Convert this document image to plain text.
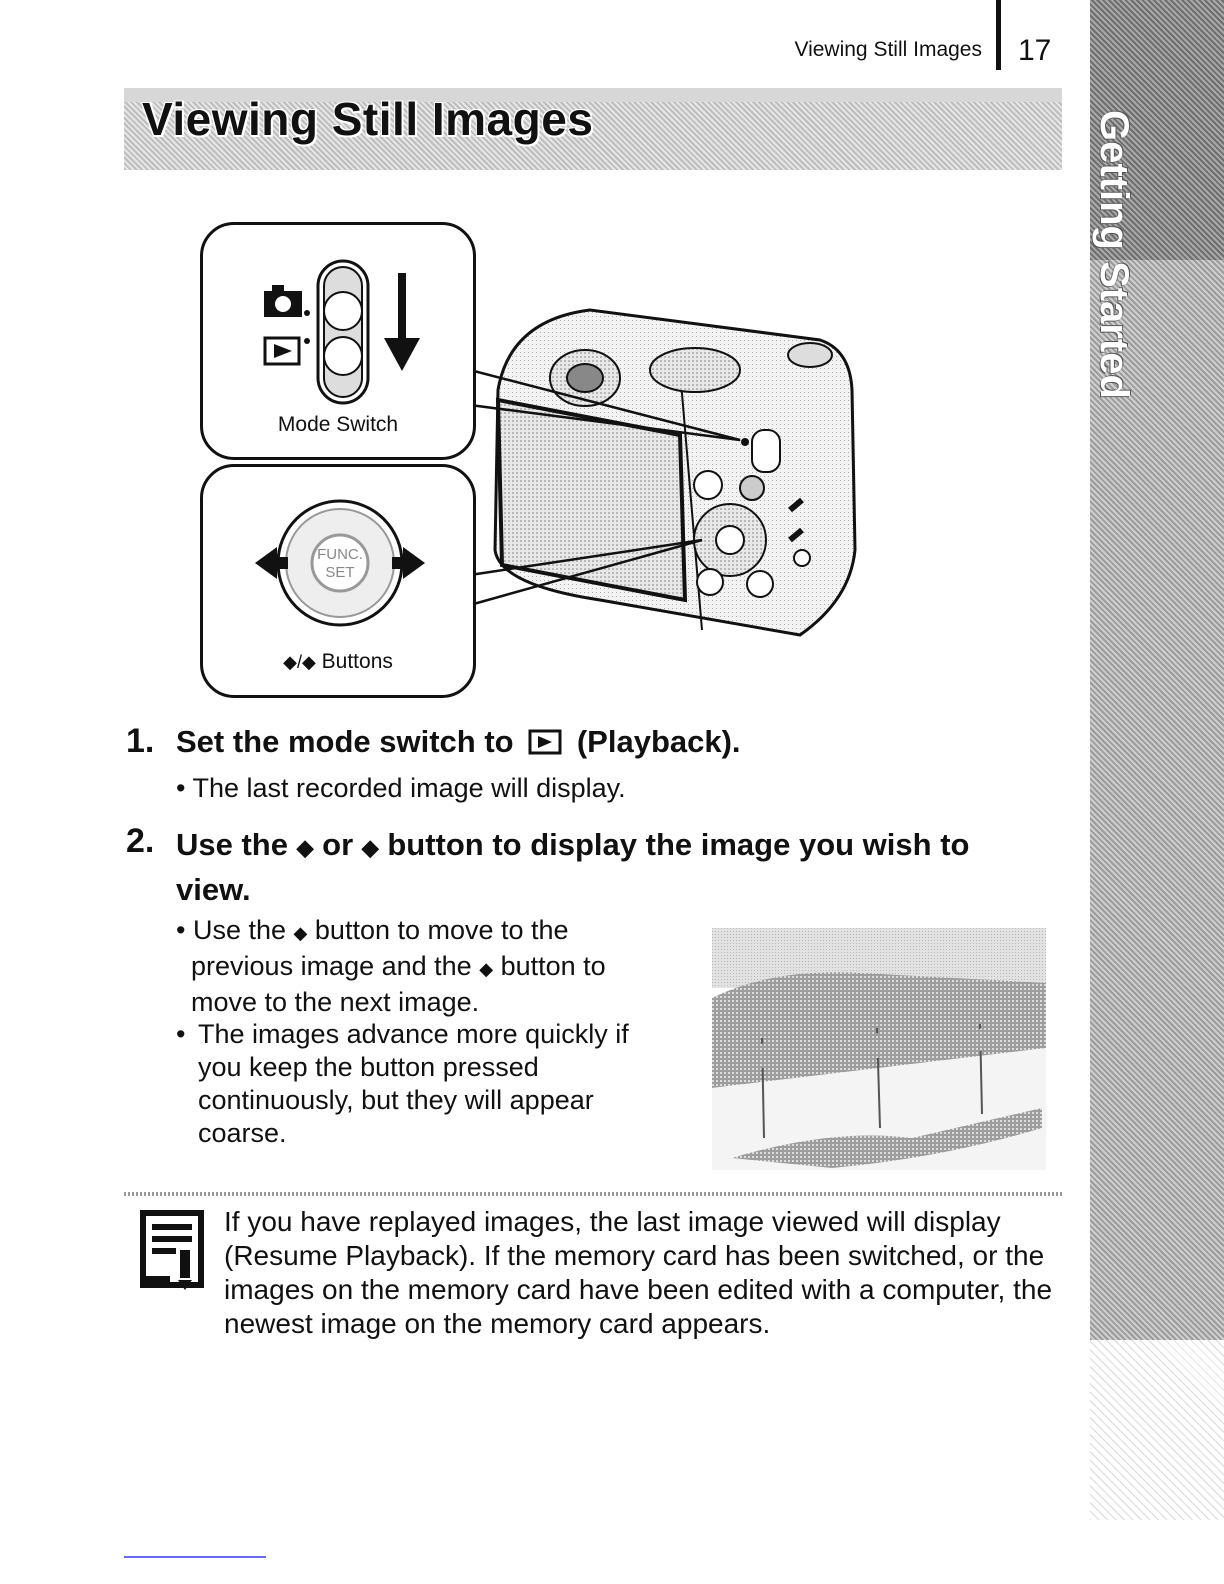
Viewing Still Images 17
Viewing Still Images	Getting Started
Mode Switch
FUNC.
SET
◆/◆ Buttons
1. Set the mode switch to (Playback).
• The last recorded image will display.
2. Use the ◆ or ◆ button to display the image you wish to
view.
• Use the ◆ button to move to the
previous image and the ◆ button to
move to the next image.
• The images advance more quickly if you keep the button pressed continuously, but they will appear coarse.
If you have replayed images, the last image viewed will display (Resume Playback). If the memory card has been switched, or the images on the memory card have been edited with a computer, the newest image on the memory card appears.
